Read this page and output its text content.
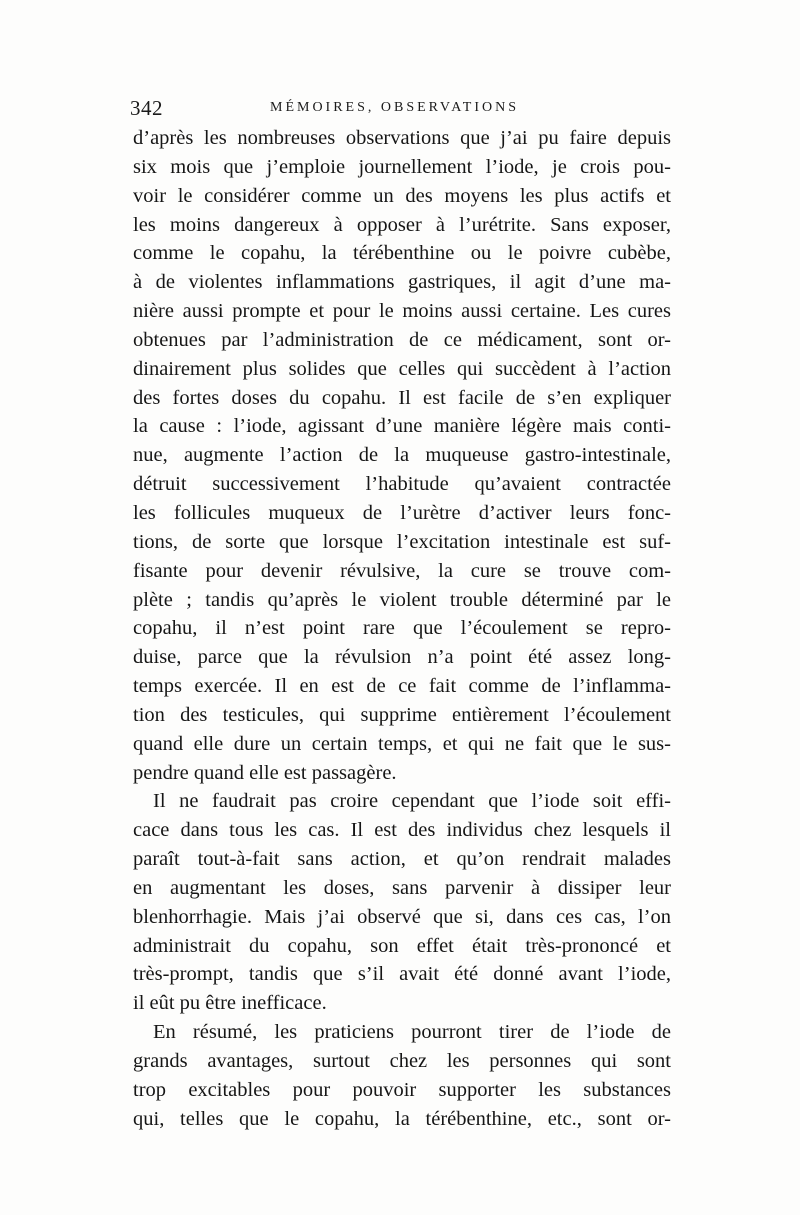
342	MÉMOIRES, OBSERVATIONS
d’après les nombreuses observations que j’ai pu faire depuis
six mois que j’emploie journellement l’iode, je crois pou-
voir le considérer comme un des moyens les plus actifs et
les moins dangereux à opposer à l’urétrite. Sans exposer,
comme le copahu, la térébenthine ou le poivre cubèbe,
à de violentes inflammations gastriques, il agit d’une ma-
nière aussi prompte et pour le moins aussi certaine. Les cures
obtenues par l’administration de ce médicament, sont or-
dinairement plus solides que celles qui succèdent à l’action
des fortes doses du copahu. Il est facile de s’en expliquer
la cause : l’iode, agissant d’une manière légère mais conti-
nue, augmente l’action de la muqueuse gastro-intestinale,
détruit successivement l’habitude qu’avaient contractée
les follicules muqueux de l’urètre d’activer leurs fonc-
tions, de sorte que lorsque l’excitation intestinale est suf-
fisante pour devenir révulsive, la cure se trouve com-
plète ; tandis qu’après le violent trouble déterminé par le
copahu, il n’est point rare que l’écoulement se repro-
duise, parce que la révulsion n’a point été assez long-
temps exercée. Il en est de ce fait comme de l’inflamma-
tion des testicules, qui supprime entièrement l’écoulement
quand elle dure un certain temps, et qui ne fait que le sus-
pendre quand elle est passagère.
Il ne faudrait pas croire cependant que l’iode soit effi-
cace dans tous les cas. Il est des individus chez lesquels il
paraît tout-à-fait sans action, et qu’on rendrait malades
en augmentant les doses, sans parvenir à dissiper leur
blenhorrhagie. Mais j’ai observé que si, dans ces cas, l’on
administrait du copahu, son effet était très-prononcé et
très-prompt, tandis que s’il avait été donné avant l’iode,
il eût pu être inefficace.
En résumé, les praticiens pourront tirer de l’iode de
grands avantages, surtout chez les personnes qui sont
trop excitables pour pouvoir supporter les substances
qui, telles que le copahu, la térébenthine, etc., sont or-
